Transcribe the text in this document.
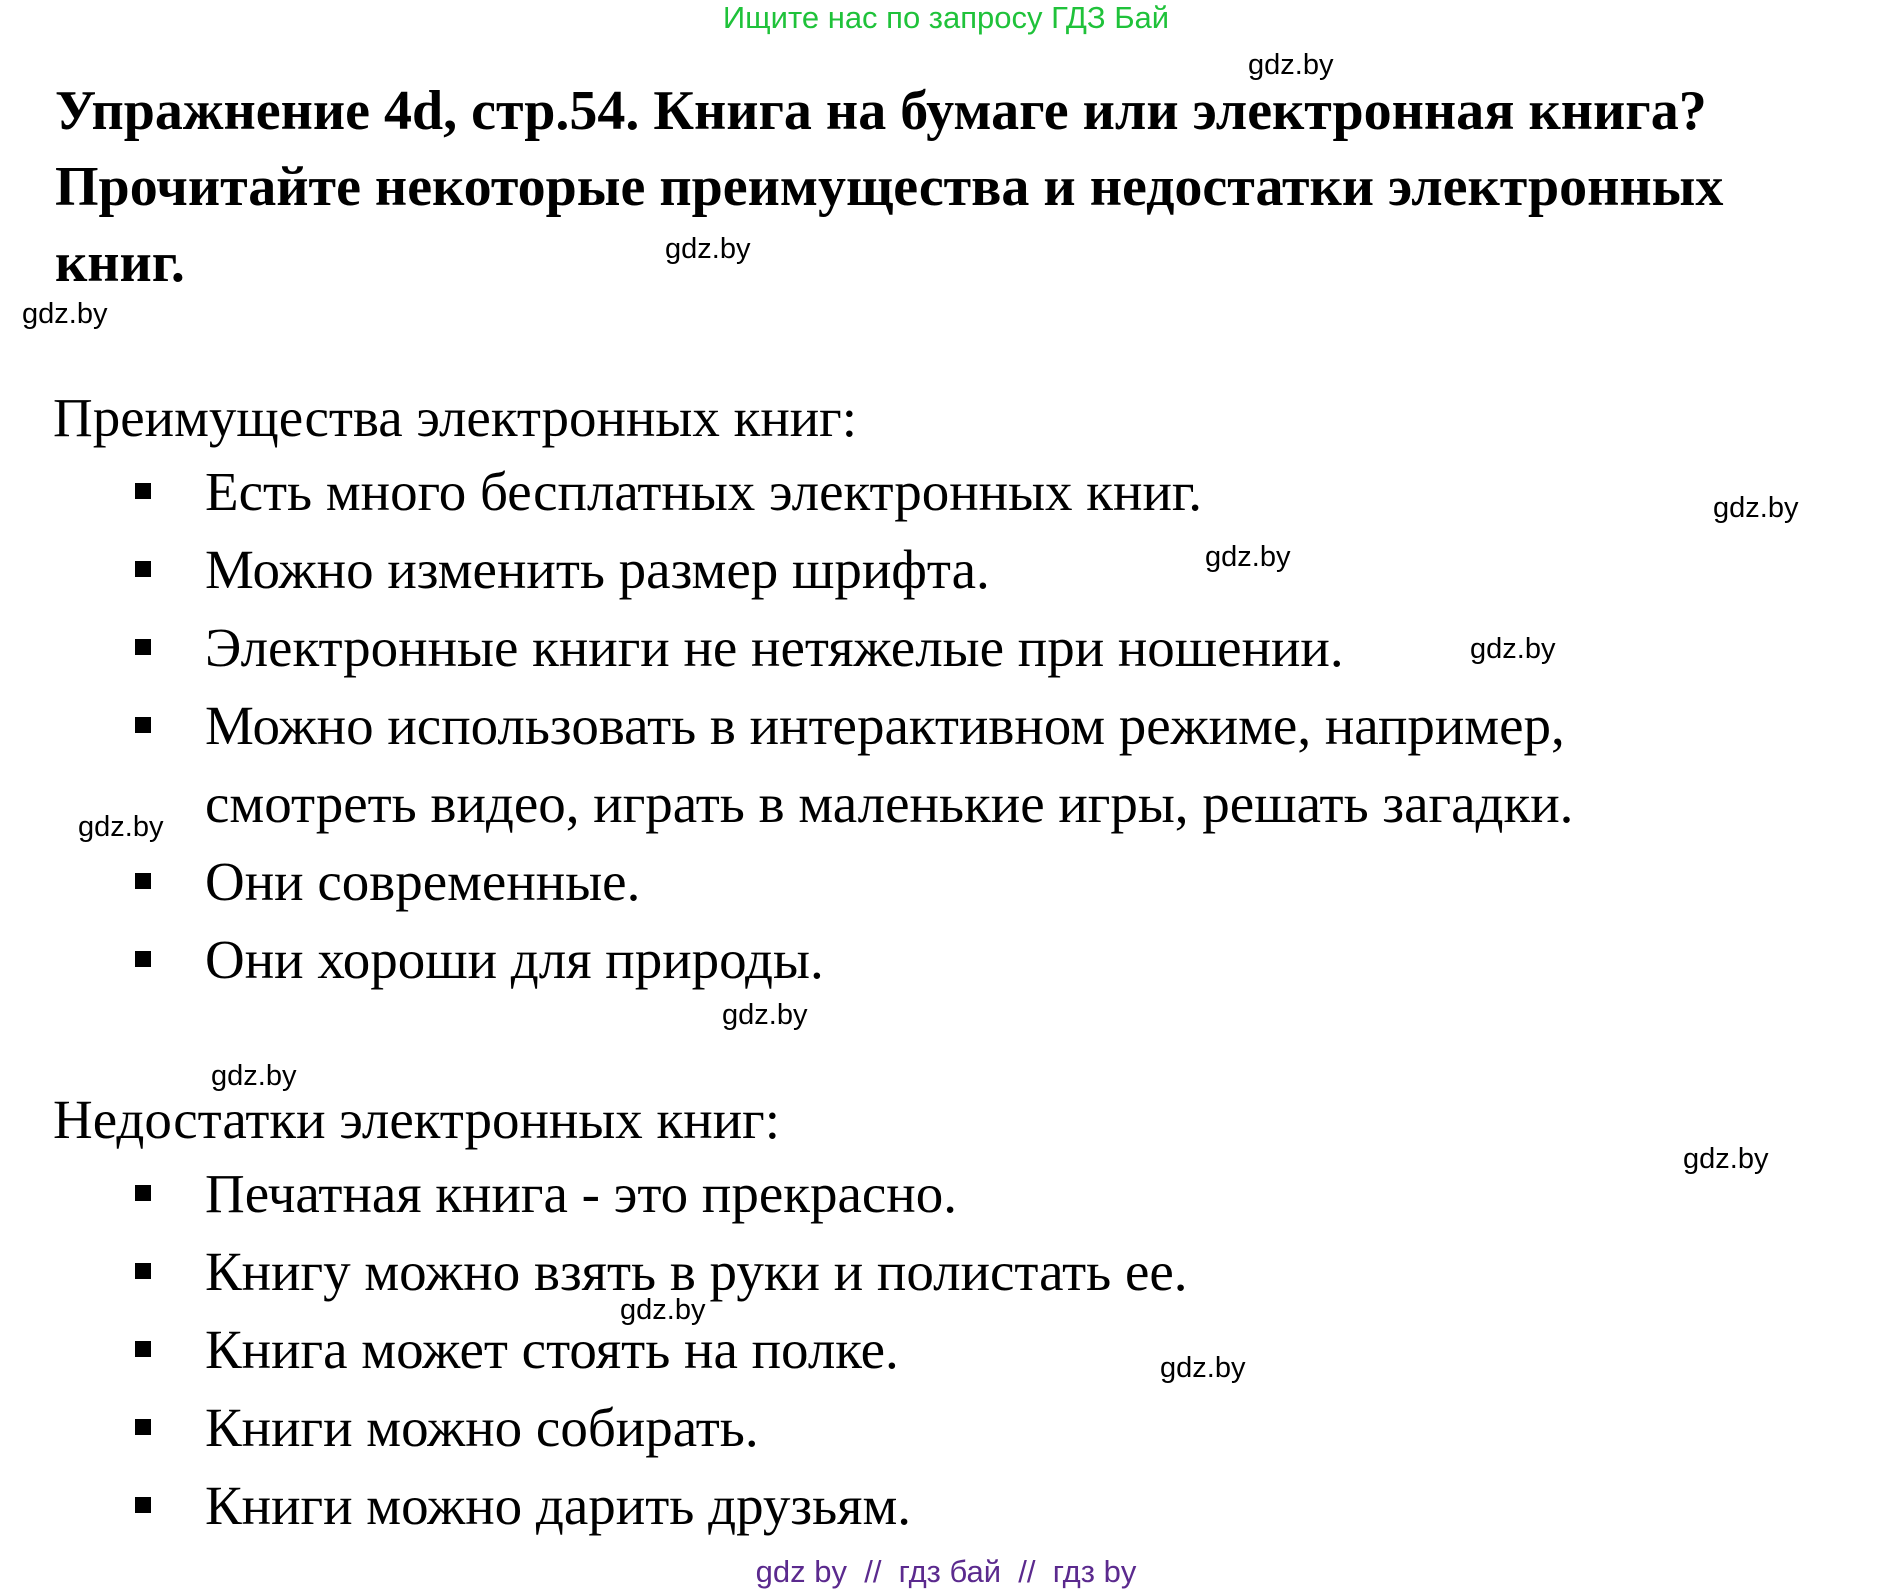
Ищите нас по запросу ГДЗ Бай
Упражнение 4d, стр.54. Книга на бумаге или электронная книга? Прочитайте некоторые преимущества и недостатки электронных книг.
Преимущества электронных книг:
Есть много бесплатных электронных книг.
Можно изменить размер шрифта.
Электронные книги не нетяжелые при ношении.
Можно использовать в интерактивном режиме, например,
смотреть видео, играть в маленькие игры, решать загадки.
Они современные.
Они хороши для природы.
Недостатки электронных книг:
Печатная книга - это прекрасно.
Книгу можно взять в руки и полистать ее.
Книга может стоять на полке.
Книги можно собирать.
Книги можно дарить друзьям.
gdz.by
gdz.by
gdz.by
gdz.by
gdz.by
gdz.by
gdz.by
gdz.by
gdz.by
gdz.by
gdz.by
gdz.by
gdz by  //  гдз бай  //  гдз by
